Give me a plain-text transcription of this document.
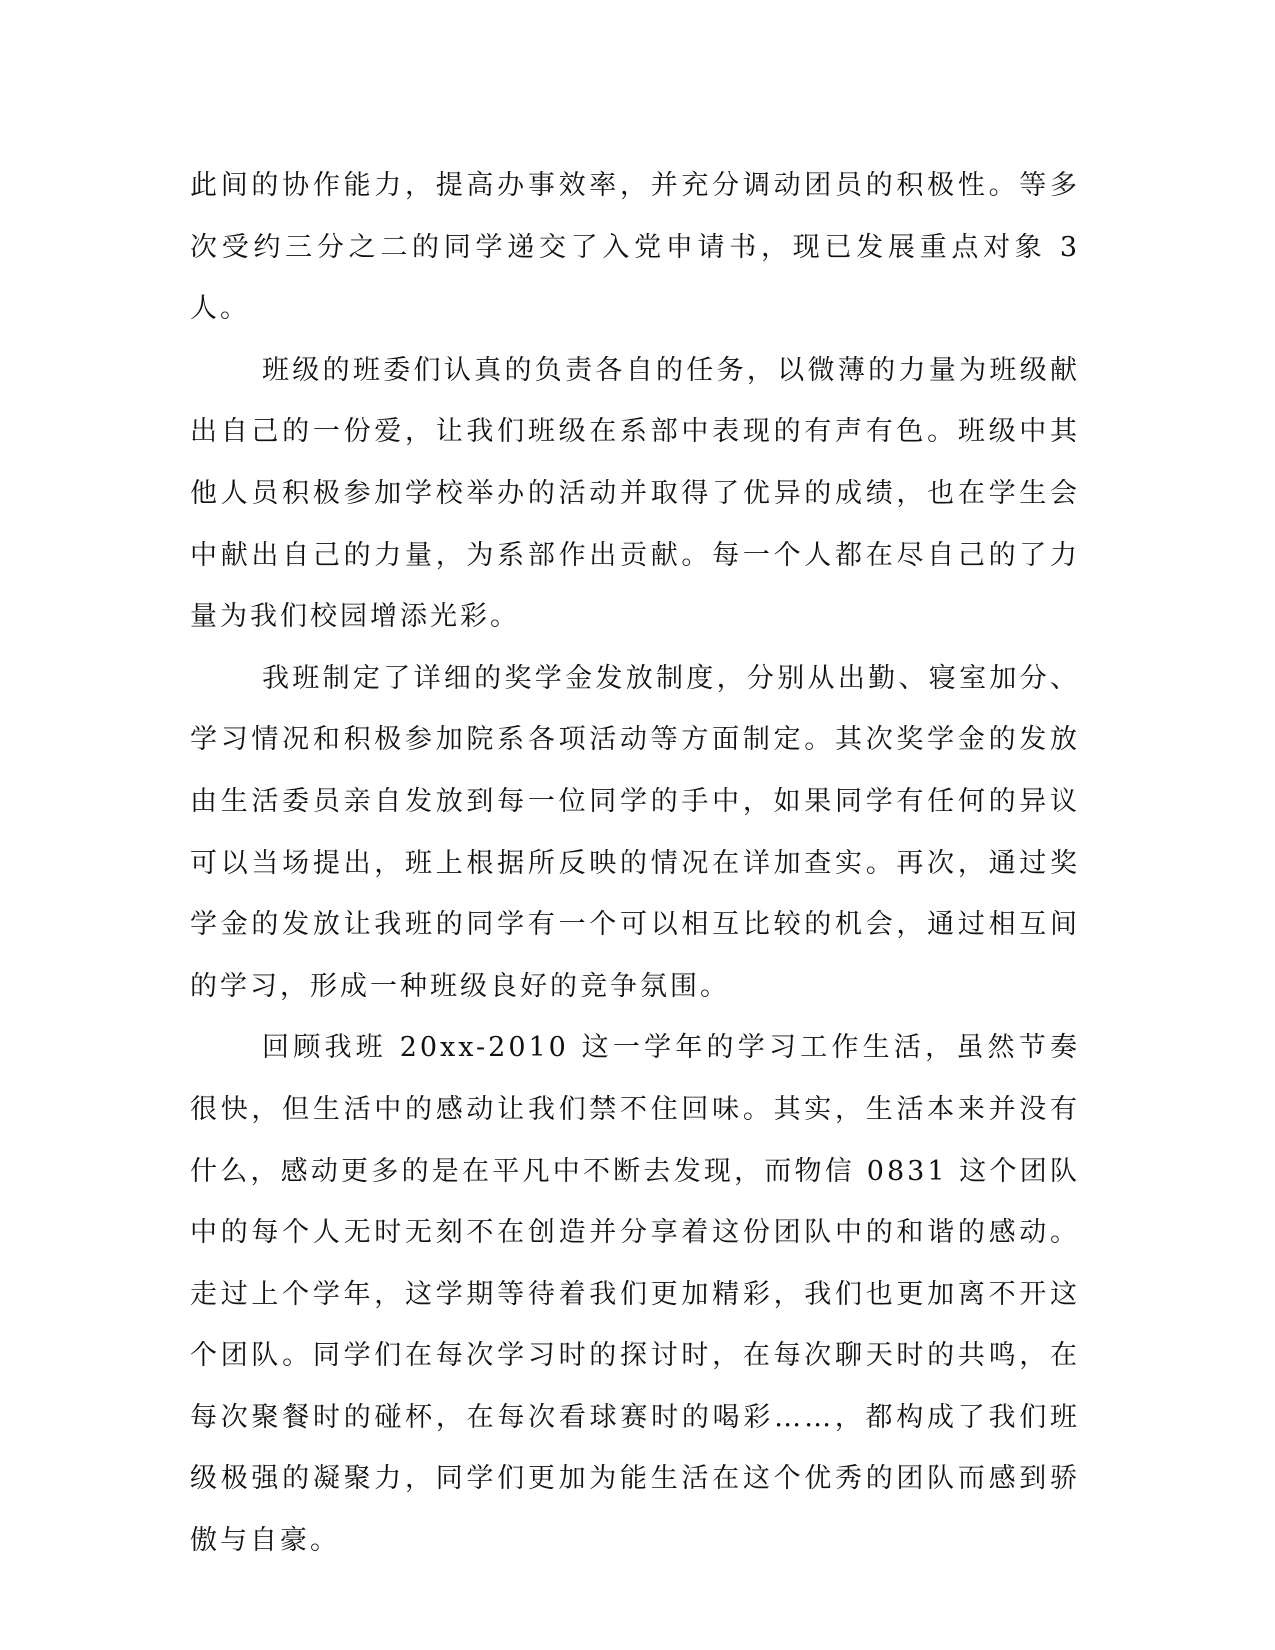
此间的协作能力，提高办事效率，并充分调动团员的积极性。等多次受约三分之二的同学递交了入党申请书，现已发展重点对象 3 人。

班级的班委们认真的负责各自的任务，以微薄的力量为班级献出自己的一份爱，让我们班级在系部中表现的有声有色。班级中其他人员积极参加学校举办的活动并取得了优异的成绩，也在学生会中献出自己的力量，为系部作出贡献。每一个人都在尽自己的了力量为我们校园增添光彩。

我班制定了详细的奖学金发放制度，分别从出勤、寝室加分、学习情况和积极参加院系各项活动等方面制定。其次奖学金的发放由生活委员亲自发放到每一位同学的手中，如果同学有任何的异议可以当场提出，班上根据所反映的情况在详加查实。再次，通过奖学金的发放让我班的同学有一个可以相互比较的机会，通过相互间的学习，形成一种班级良好的竞争氛围。

回顾我班 20xx-2010 这一学年的学习工作生活，虽然节奏很快，但生活中的感动让我们禁不住回味。其实，生活本来并没有什么，感动更多的是在平凡中不断去发现，而物信 0831 这个团队中的每个人无时无刻不在创造并分享着这份团队中的和谐的感动。走过上个学年，这学期等待着我们更加精彩，我们也更加离不开这个团队。同学们在每次学习时的探讨时，在每次聊天时的共鸣，在每次聚餐时的碰杯，在每次看球赛时的喝彩……，都构成了我们班级极强的凝聚力，同学们更加为能生活在这个优秀的团队而感到骄傲与自豪。
